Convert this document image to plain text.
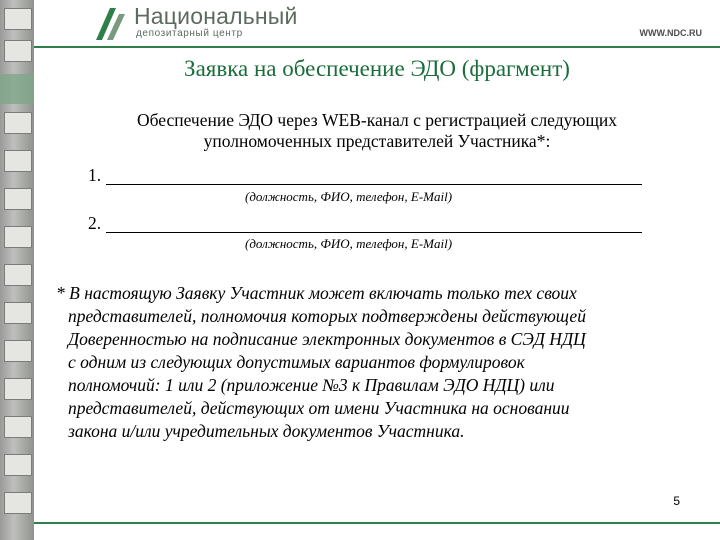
Национальный
депозитарный центр	WWW.NDC.RU
Заявка на обеспечение ЭДО (фрагмент)
Обеспечение ЭДО через WEB-канал с регистрацией следующих
уполномоченных представителей Участника*:
1.
(должность, ФИО, телефон, E-Mail)
2.
(должность, ФИО, телефон, E-Mail)
* В настоящую Заявку Участник может включать только тех своих
представителей, полномочия которых подтверждены действующей
Доверенностью на подписание электронных документов в СЭД НДЦ
с одним из следующих допустимых вариантов формулировок
полномочий: 1 или 2 (приложение №3 к Правилам ЭДО НДЦ) или
представителей, действующих от имени Участника на основании
закона и/или учредительных документов Участника.
5
